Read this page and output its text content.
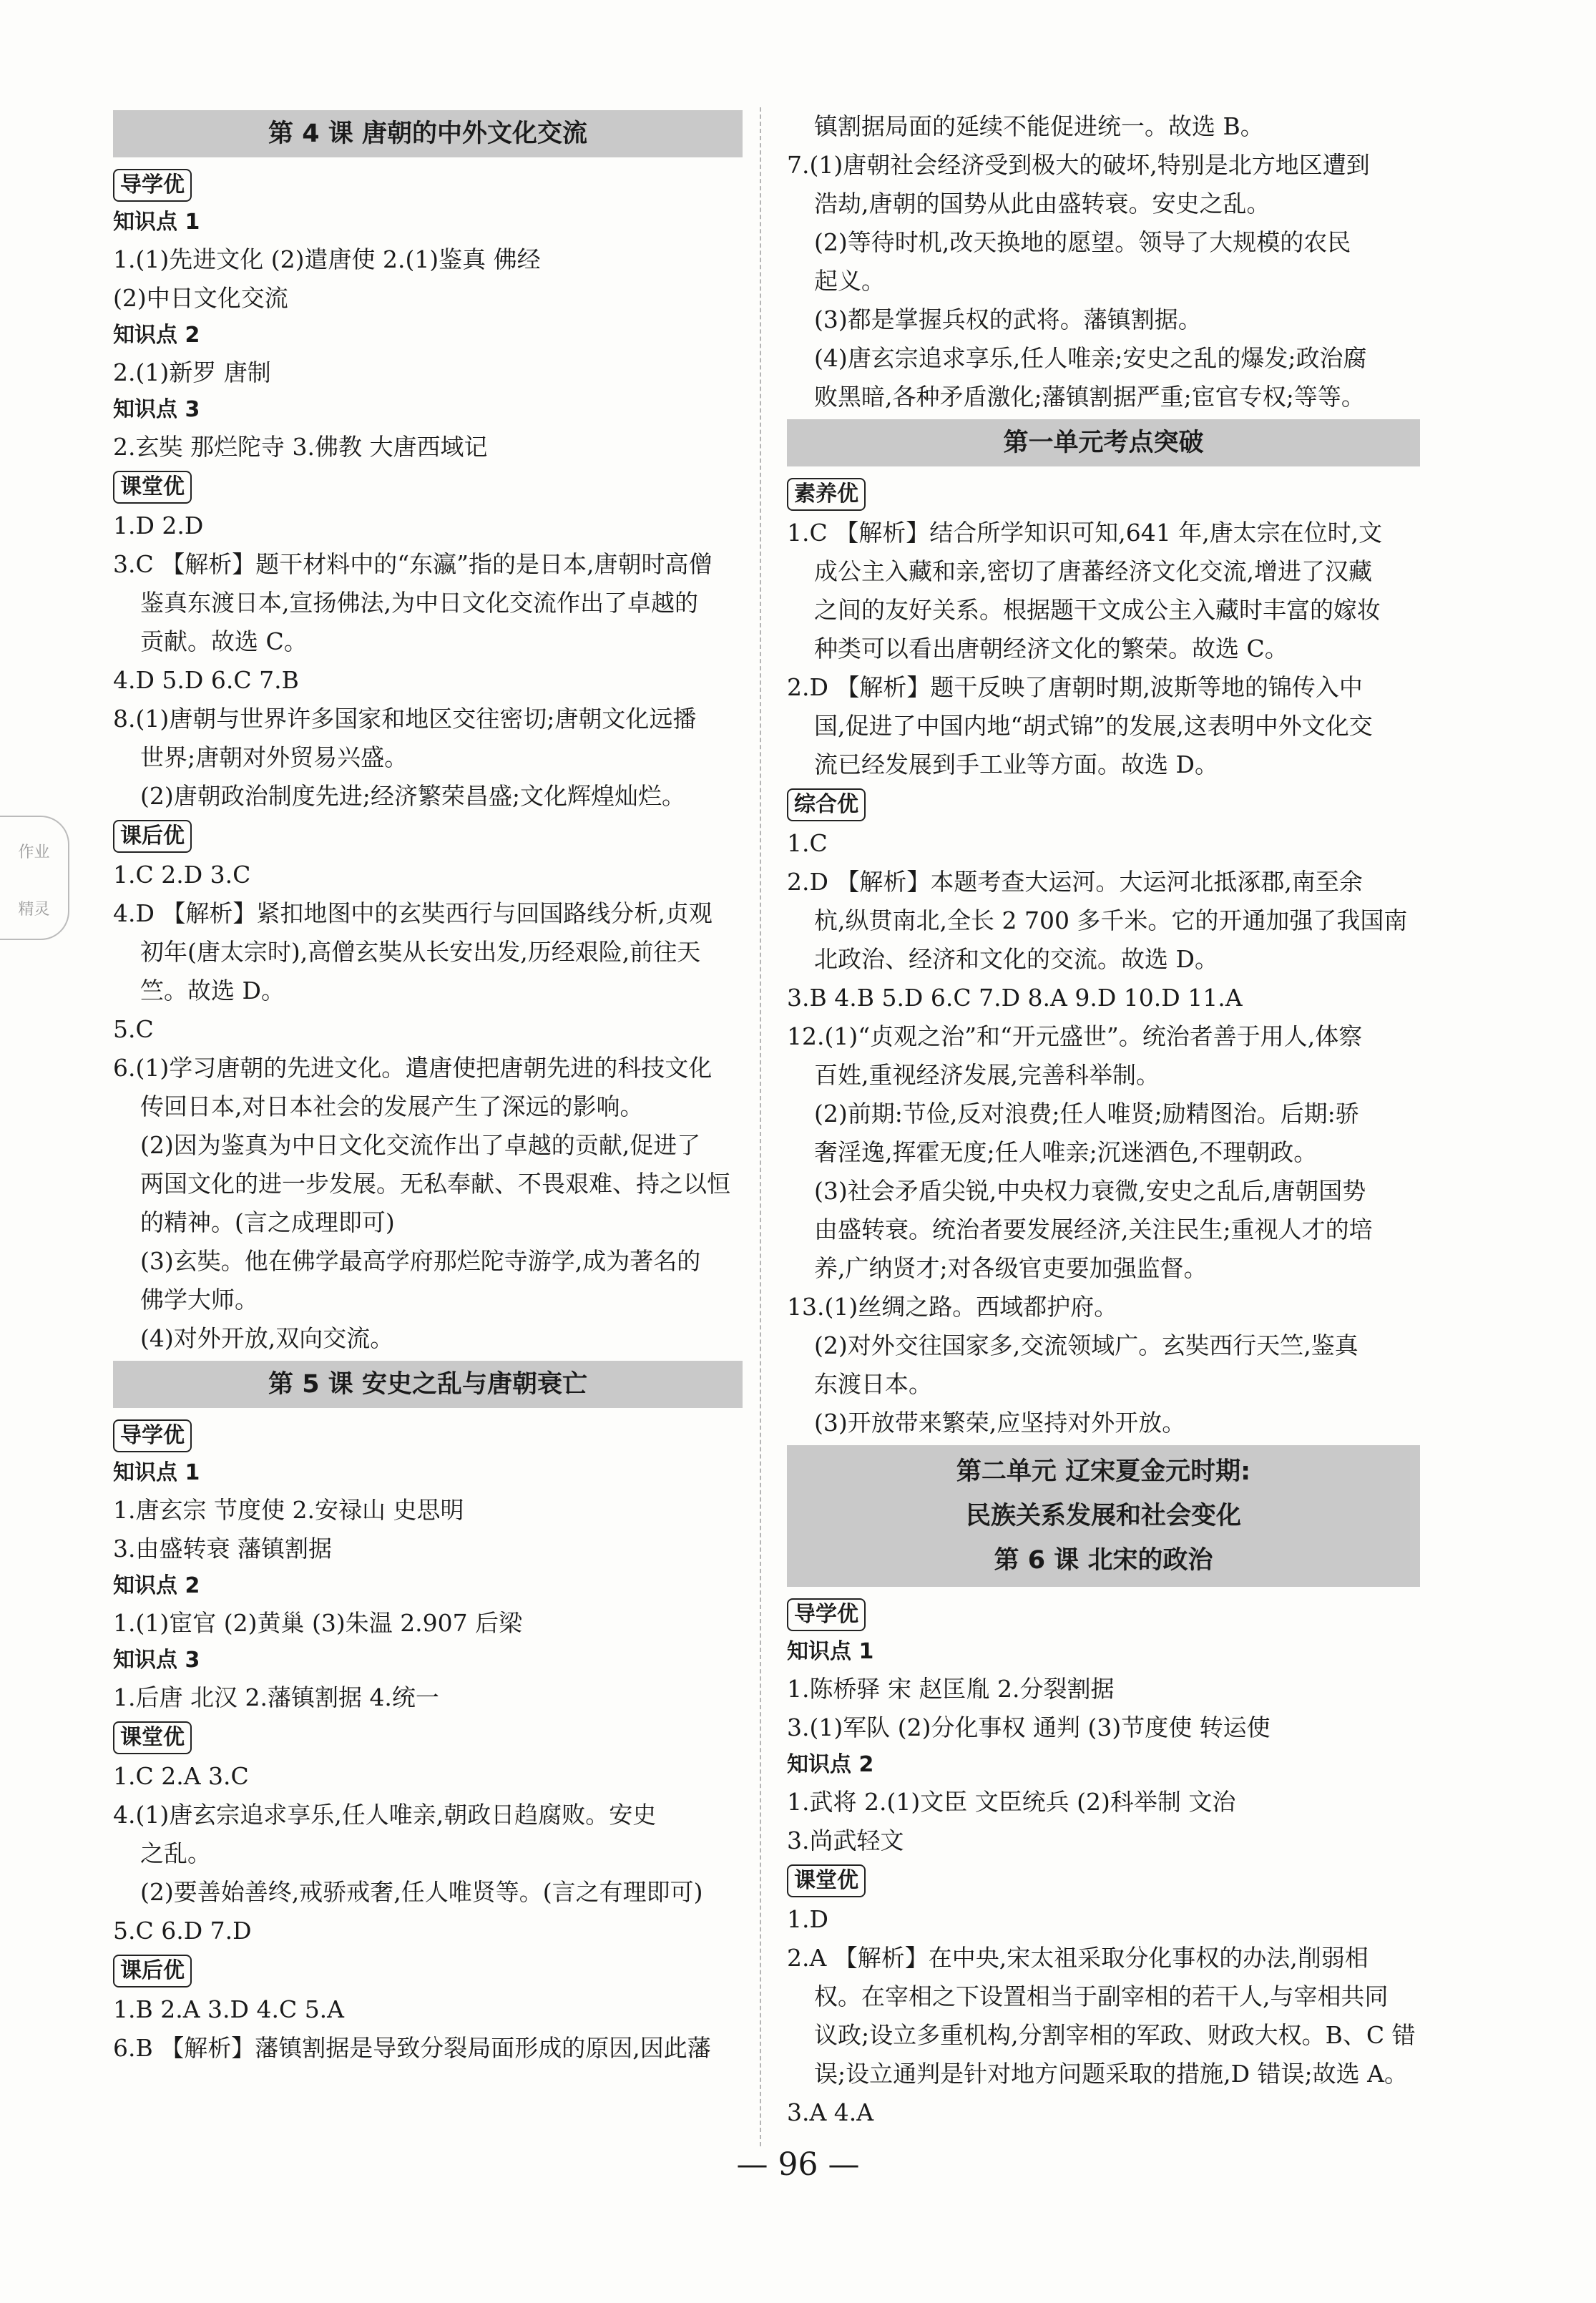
作业
精灵
第 4 课 唐朝的中外文化交流
导学优
知识点 1
1.(1)先进文化 (2)遣唐使 2.(1)鉴真 佛经
(2)中日文化交流
知识点 2
2.(1)新罗 唐制
知识点 3
2.玄奘 那烂陀寺 3.佛教 大唐西域记
课堂优
1.D 2.D
3.C 【解析】题干材料中的“东瀛”指的是日本,唐朝时高僧
鉴真东渡日本,宣扬佛法,为中日文化交流作出了卓越的
贡献。故选 C。
4.D 5.D 6.C 7.B
8.(1)唐朝与世界许多国家和地区交往密切;唐朝文化远播
世界;唐朝对外贸易兴盛。
(2)唐朝政治制度先进;经济繁荣昌盛;文化辉煌灿烂。
课后优
1.C 2.D 3.C
4.D 【解析】紧扣地图中的玄奘西行与回国路线分析,贞观
初年(唐太宗时),高僧玄奘从长安出发,历经艰险,前往天
竺。故选 D。
5.C
6.(1)学习唐朝的先进文化。遣唐使把唐朝先进的科技文化
传回日本,对日本社会的发展产生了深远的影响。
(2)因为鉴真为中日文化交流作出了卓越的贡献,促进了
两国文化的进一步发展。无私奉献、不畏艰难、持之以恒
的精神。(言之成理即可)
(3)玄奘。他在佛学最高学府那烂陀寺游学,成为著名的
佛学大师。
(4)对外开放,双向交流。
第 5 课 安史之乱与唐朝衰亡
导学优
知识点 1
1.唐玄宗 节度使 2.安禄山 史思明
3.由盛转衰 藩镇割据
知识点 2
1.(1)宦官 (2)黄巢 (3)朱温 2.907 后梁
知识点 3
1.后唐 北汉 2.藩镇割据 4.统一
课堂优
1.C 2.A 3.C
4.(1)唐玄宗追求享乐,任人唯亲,朝政日趋腐败。安史
之乱。
(2)要善始善终,戒骄戒奢,任人唯贤等。(言之有理即可)
5.C 6.D 7.D
课后优
1.B 2.A 3.D 4.C 5.A
6.B 【解析】藩镇割据是导致分裂局面形成的原因,因此藩
镇割据局面的延续不能促进统一。故选 B。
7.(1)唐朝社会经济受到极大的破坏,特别是北方地区遭到
浩劫,唐朝的国势从此由盛转衰。安史之乱。
(2)等待时机,改天换地的愿望。领导了大规模的农民
起义。
(3)都是掌握兵权的武将。藩镇割据。
(4)唐玄宗追求享乐,任人唯亲;安史之乱的爆发;政治腐
败黑暗,各种矛盾激化;藩镇割据严重;宦官专权;等等。
第一单元考点突破
素养优
1.C 【解析】结合所学知识可知,641 年,唐太宗在位时,文
成公主入藏和亲,密切了唐蕃经济文化交流,增进了汉藏
之间的友好关系。根据题干文成公主入藏时丰富的嫁妆
种类可以看出唐朝经济文化的繁荣。故选 C。
2.D 【解析】题干反映了唐朝时期,波斯等地的锦传入中
国,促进了中国内地“胡式锦”的发展,这表明中外文化交
流已经发展到手工业等方面。故选 D。
综合优
1.C
2.D 【解析】本题考查大运河。大运河北抵涿郡,南至余
杭,纵贯南北,全长 2 700 多千米。它的开通加强了我国南
北政治、经济和文化的交流。故选 D。
3.B 4.B 5.D 6.C 7.D 8.A 9.D 10.D 11.A
12.(1)“贞观之治”和“开元盛世”。统治者善于用人,体察
百姓,重视经济发展,完善科举制。
(2)前期:节俭,反对浪费;任人唯贤;励精图治。后期:骄
奢淫逸,挥霍无度;任人唯亲;沉迷酒色,不理朝政。
(3)社会矛盾尖锐,中央权力衰微,安史之乱后,唐朝国势
由盛转衰。统治者要发展经济,关注民生;重视人才的培
养,广纳贤才;对各级官吏要加强监督。
13.(1)丝绸之路。西域都护府。
(2)对外交往国家多,交流领域广。玄奘西行天竺,鉴真
东渡日本。
(3)开放带来繁荣,应坚持对外开放。
第二单元 辽宋夏金元时期:
民族关系发展和社会变化
第 6 课 北宋的政治
导学优
知识点 1
1.陈桥驿 宋 赵匡胤 2.分裂割据
3.(1)军队 (2)分化事权 通判 (3)节度使 转运使
知识点 2
1.武将 2.(1)文臣 文臣统兵 (2)科举制 文治
3.尚武轻文
课堂优
1.D
2.A 【解析】在中央,宋太祖采取分化事权的办法,削弱相
权。在宰相之下设置相当于副宰相的若干人,与宰相共同
议政;设立多重机构,分割宰相的军政、财政大权。B、C 错
误;设立通判是针对地方问题采取的措施,D 错误;故选 A。
3.A 4.A
— 96 —
